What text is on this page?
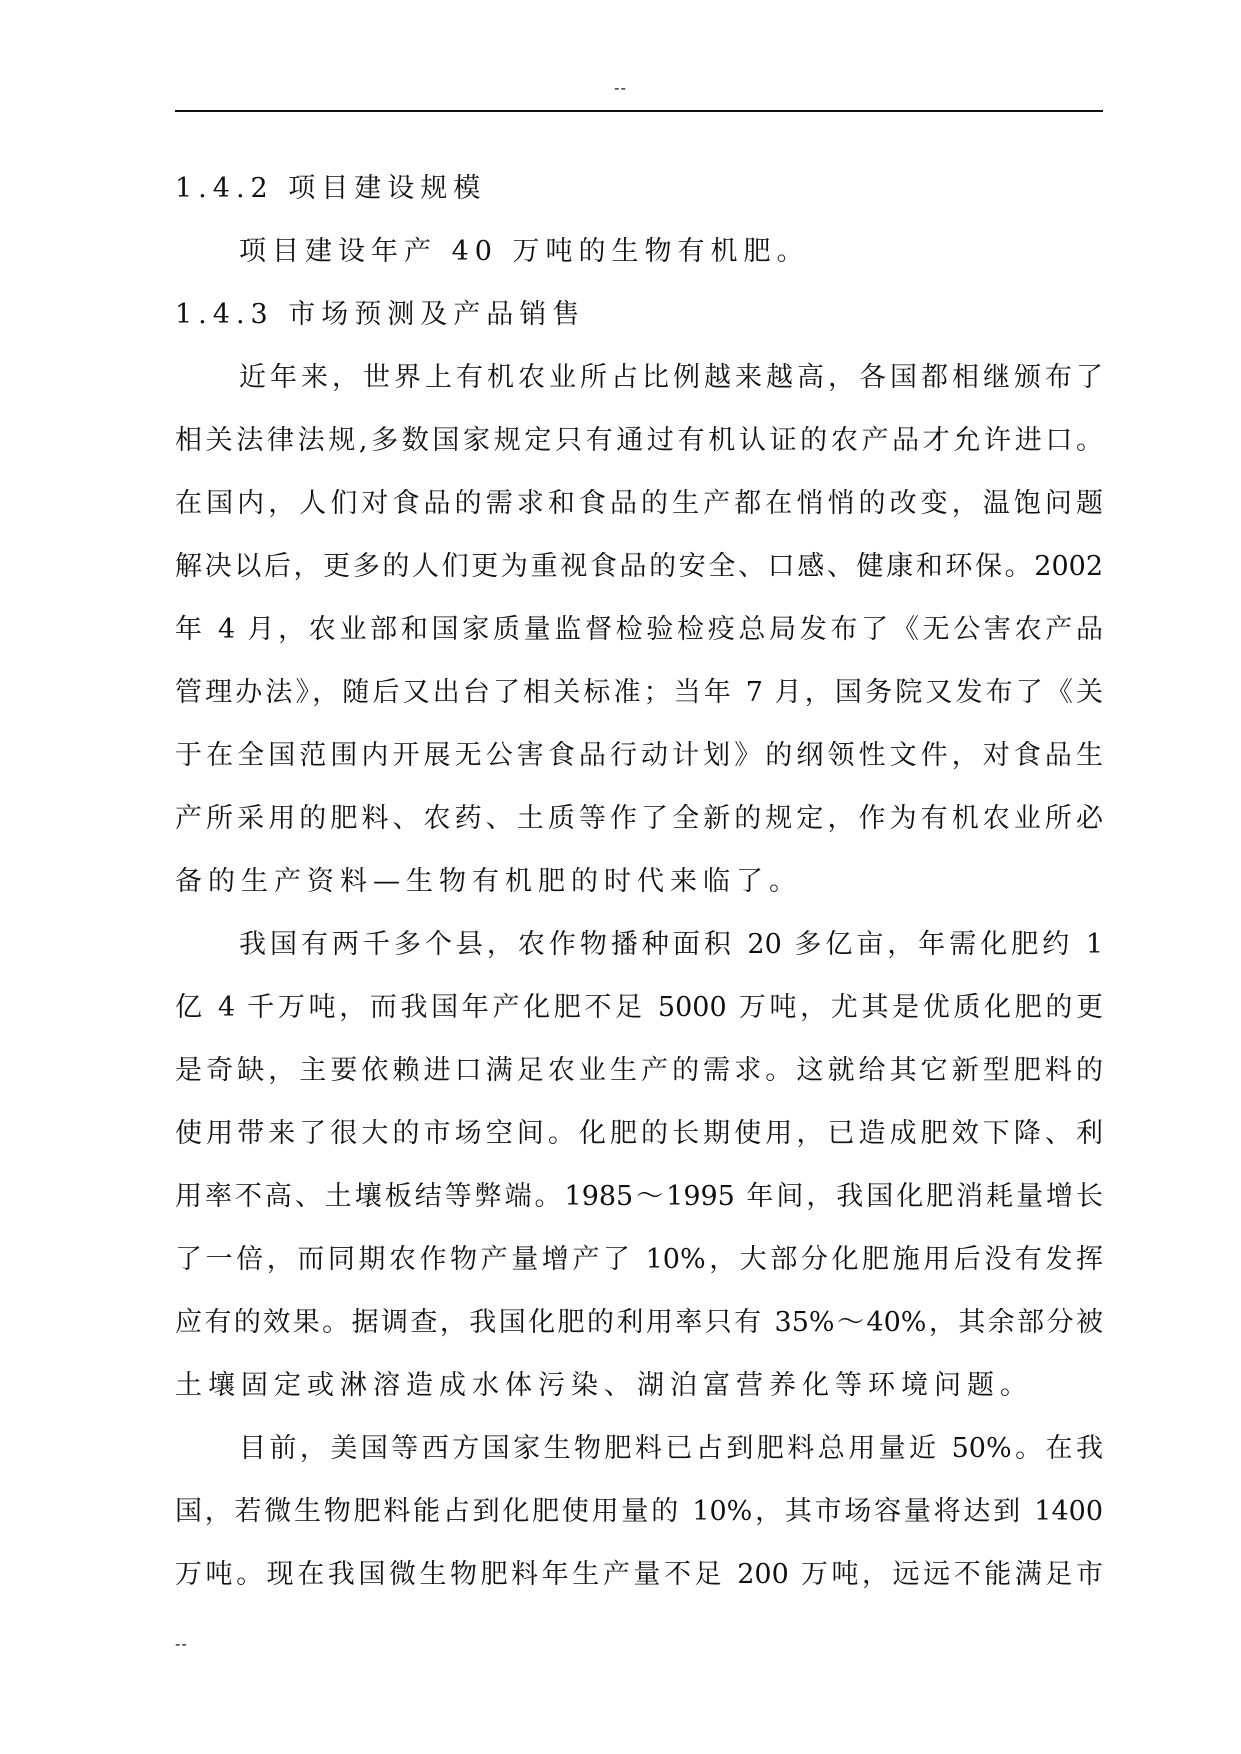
--
1.4.2 项目建设规模
项目建设年产 40 万吨的生物有机肥。
1.4.3 市场预测及产品销售
近年来，世界上有机农业所占比例越来越高，各国都相继颁布了
相关法律法规,多数国家规定只有通过有机认证的农产品才允许进口。
在国内，人们对食品的需求和食品的生产都在悄悄的改变，温饱问题
解决以后，更多的人们更为重视食品的安全、口感、健康和环保。2002
年 4 月，农业部和国家质量监督检验检疫总局发布了《无公害农产品
管理办法》，随后又出台了相关标准；当年 7 月，国务院又发布了《关
于在全国范围内开展无公害食品行动计划》的纲领性文件，对食品生
产所采用的肥料、农药、土质等作了全新的规定，作为有机农业所必
备的生产资料—生物有机肥的时代来临了。
我国有两千多个县，农作物播种面积 20 多亿亩，年需化肥约 1
亿 4 千万吨，而我国年产化肥不足 5000 万吨，尤其是优质化肥的更
是奇缺，主要依赖进口满足农业生产的需求。这就给其它新型肥料的
使用带来了很大的市场空间。化肥的长期使用，已造成肥效下降、利
用率不高、土壤板结等弊端。1985～1995 年间，我国化肥消耗量增长
了一倍，而同期农作物产量增产了 10%，大部分化肥施用后没有发挥
应有的效果。据调查，我国化肥的利用率只有 35%～40%，其余部分被
土壤固定或淋溶造成水体污染、湖泊富营养化等环境问题。
目前，美国等西方国家生物肥料已占到肥料总用量近 50%。在我
国，若微生物肥料能占到化肥使用量的 10%，其市场容量将达到 1400
万吨。现在我国微生物肥料年生产量不足 200 万吨，远远不能满足市
--
